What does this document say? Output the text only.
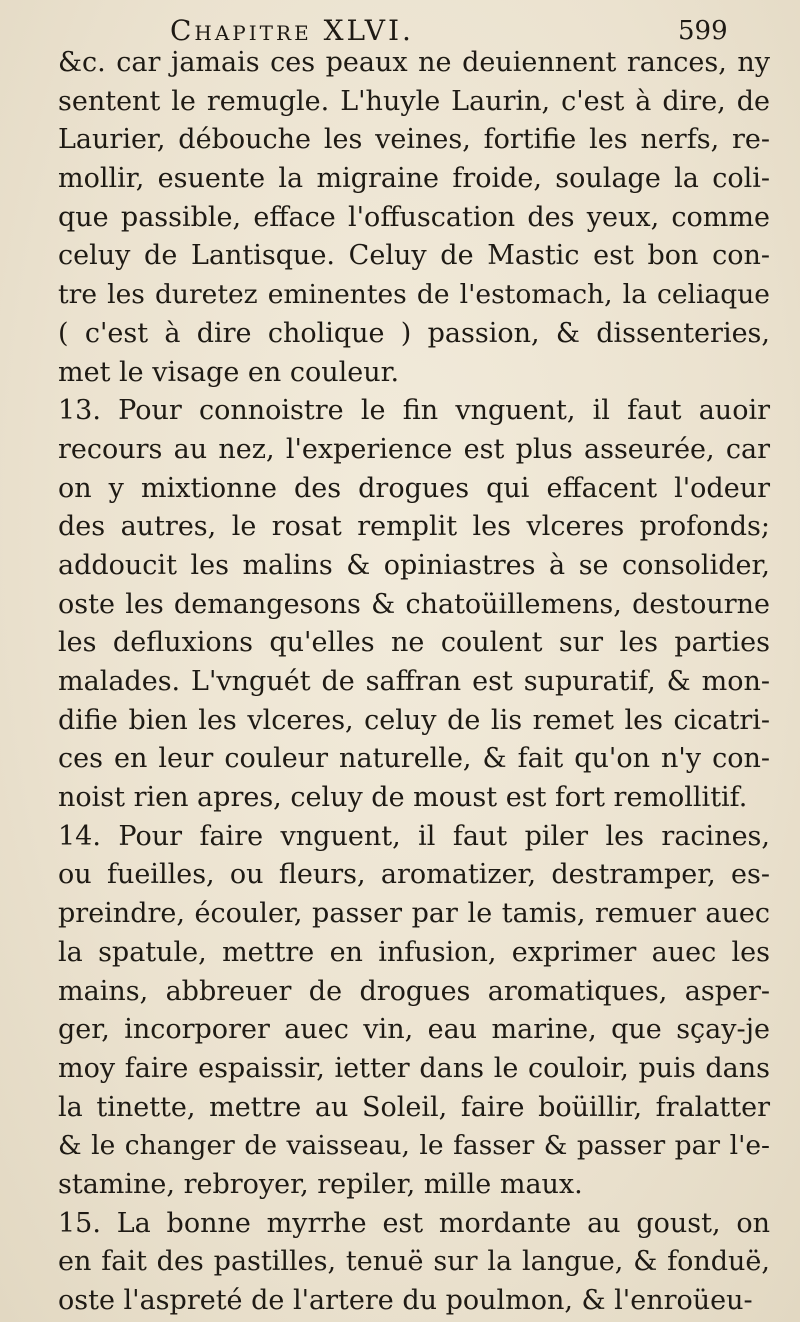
Chapitre XLVI.	599
&c. car jamais ces peaux ne deuiennent rances, ny
sentent le remugle. L'huyle Laurin, c'est à dire, de
Laurier, débouche les veines, fortifie les nerfs, re-
mollir, esuente la migraine froide, soulage la coli-
que passible, efface l'offuscation des yeux, comme
celuy de Lantisque. Celuy de Mastic est bon con-
tre les duretez eminentes de l'estomach, la celiaque
( c'est à dire cholique ) passion, & dissenteries,
met le visage en couleur.
13. Pour connoistre le fin vnguent, il faut auoir
recours au nez, l'experience est plus asseurée, car
on y mixtionne des drogues qui effacent l'odeur
des autres, le rosat remplit les vlceres profonds;
addoucit les malins & opiniastres à se consolider,
oste les demangesons & chatoüillemens, destourne
les defluxions qu'elles ne coulent sur les parties
malades. L'vnguét de saffran est supuratif, & mon-
difie bien les vlceres, celuy de lis remet les cicatri-
ces en leur couleur naturelle, & fait qu'on n'y con-
noist rien apres, celuy de moust est fort remollitif.
14. Pour faire vnguent, il faut piler les racines,
ou fueilles, ou fleurs, aromatizer, destramper, es-
preindre, écouler, passer par le tamis, remuer auec
la spatule, mettre en infusion, exprimer auec les
mains, abbreuer de drogues aromatiques, asper-
ger, incorporer auec vin, eau marine, que sçay-je
moy faire espaissir, ietter dans le couloir, puis dans
la tinette, mettre au Soleil, faire boüillir, fralatter
& le changer de vaisseau, le fasser & passer par l'e-
stamine, rebroyer, repiler, mille maux.
15. La bonne myrrhe est mordante au goust, on
en fait des pastilles, tenuë sur la langue, & fonduë,
oste l'aspreté de l'artere du poulmon, & l'enroüeu-
